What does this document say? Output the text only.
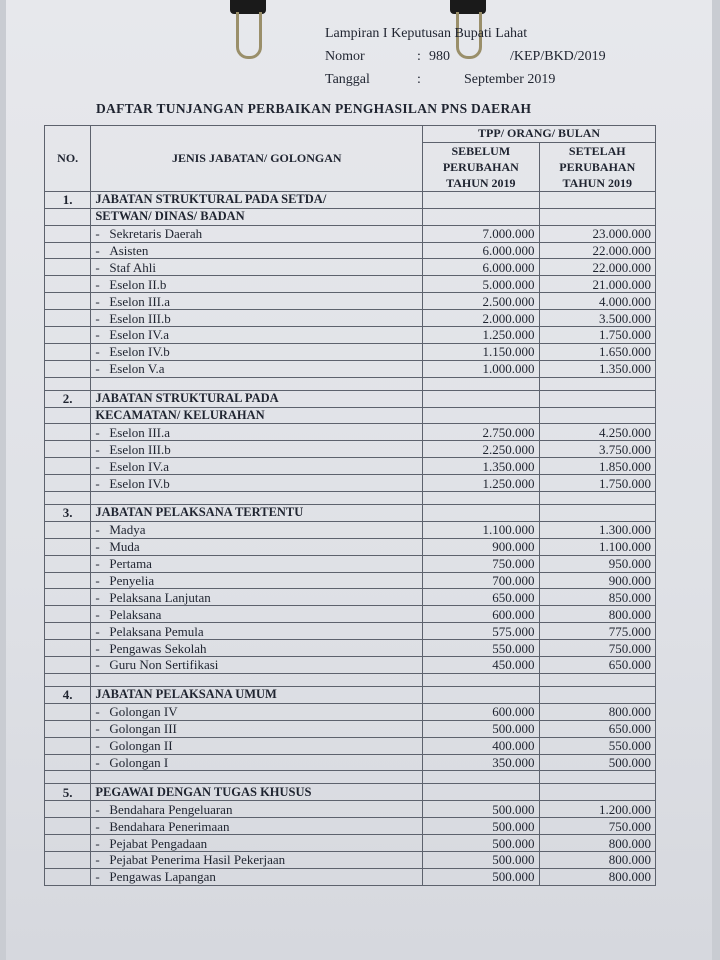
Lampiran I Keputusan Bupati Lahat
Nomor	: 980	/KEP/BKD/2019
Tanggal	:	September 2019
DAFTAR TUNJANGAN PERBAIKAN PENGHASILAN PNS DAERAH
NO.	JENIS JABATAN/ GOLONGAN	TPP/ ORANG/ BULAN	
		SEBELUM PERUBAHAN TAHUN 2019	SETELAH PERUBAHAN TAHUN 2019
1.	JABATAN STRUKTURAL PADA SETDA/		
	SETWAN/ DINAS/ BADAN		
	- Sekretaris Daerah	7.000.000	23.000.000
	- Asisten	6.000.000	22.000.000
	- Staf Ahli	6.000.000	22.000.000
	- Eselon II.b	5.000.000	21.000.000
	- Eselon III.a	2.500.000	4.000.000
	- Eselon III.b	2.000.000	3.500.000
	- Eselon IV.a	1.250.000	1.750.000
	- Eselon IV.b	1.150.000	1.650.000
	- Eselon V.a	1.000.000	1.350.000

2.	JABATAN STRUKTURAL PADA		
	KECAMATAN/ KELURAHAN		
	- Eselon III.a	2.750.000	4.250.000
	- Eselon III.b	2.250.000	3.750.000
	- Eselon IV.a	1.350.000	1.850.000
	- Eselon IV.b	1.250.000	1.750.000

3.	JABATAN PELAKSANA TERTENTU		
	- Madya	1.100.000	1.300.000
	- Muda	900.000	1.100.000
	- Pertama	750.000	950.000
	- Penyelia	700.000	900.000
	- Pelaksana Lanjutan	650.000	850.000
	- Pelaksana	600.000	800.000
	- Pelaksana Pemula	575.000	775.000
	- Pengawas Sekolah	550.000	750.000
	- Guru Non Sertifikasi	450.000	650.000

4.	JABATAN PELAKSANA UMUM		
	- Golongan IV	600.000	800.000
	- Golongan III	500.000	650.000
	- Golongan II	400.000	550.000
	- Golongan I	350.000	500.000

5.	PEGAWAI DENGAN TUGAS KHUSUS		
	- Bendahara Pengeluaran	500.000	1.200.000
	- Bendahara Penerimaan	500.000	750.000
	- Pejabat Pengadaan	500.000	800.000
	- Pejabat Penerima Hasil Pekerjaan	500.000	800.000
	- Pengawas Lapangan	500.000	800.000
